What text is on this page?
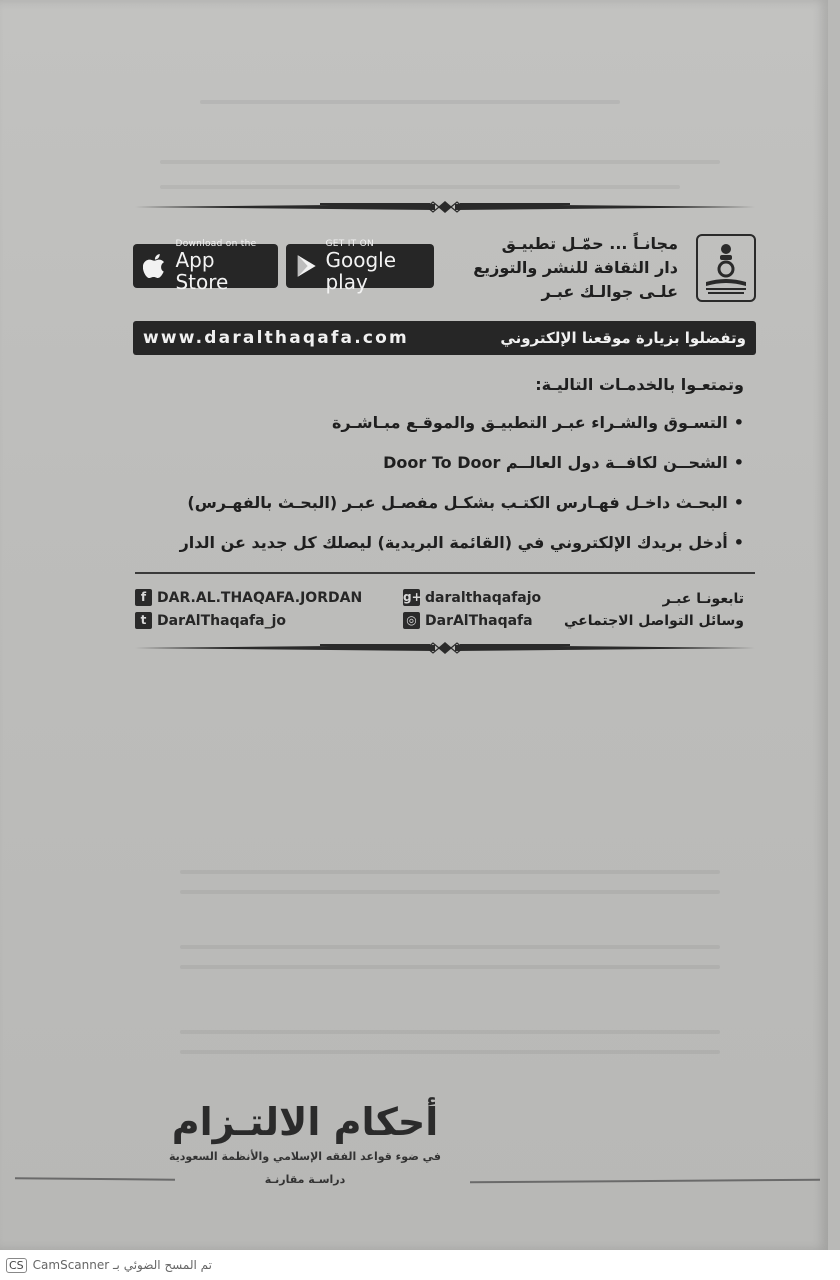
Download on the
App Store
GET IT ON
Google play
مجانـاً ... حمّـل تطبيـق
دار الثقافة للنشر والتوزيع
علـى جوالـك عبـر
www.daralthaqafa.com	وتفضلوا بزيارة موقعنا الإلكتروني
وتمتعـوا بالخدمـات التاليـة:
• التسـوق والشـراء عبـر التطبيـق والموقـع مبـاشـرة
• الشحــن لكافــة دول العالــم Door To Door
• البحـث داخـل فهـارس الكتـب بشكـل مفصـل عبـر (البحـث بالفهـرس)
• أدخل بريدك الإلكتروني في (القائمة البريدية) ليصلك كل جديد عن الدار
f DAR.AL.THAQAFA.JORDAN
t DarAlThaqafa_jo
g+ daralthaqafajo
◎ DarAlThaqafa
تابعونـا عبـر
وسائل التواصل الاجتماعي
أحكام الالتـزام
في ضوء قواعد الفقه الإسلامي والأنظمة السعودية
دراسـة مقارنـة
CS تم المسح الضوئي بـ CamScanner
